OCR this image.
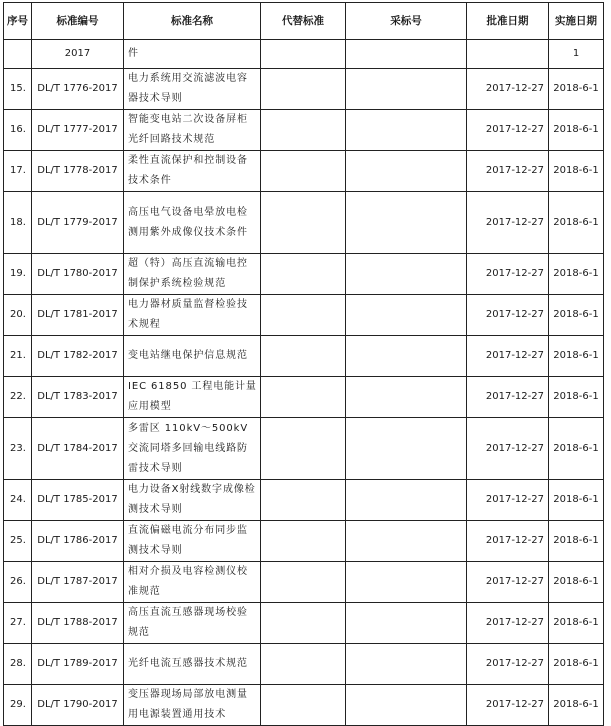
序号	标准编号	标准名称	代替标准	采标号	批准日期	实施日期
	2017	件				1
15.	DL/T 1776-2017	电力系统用交流滤波电容器技术导则			2017-12-27	2018-6-1
16.	DL/T 1777-2017	智能变电站二次设备屏柜光纤回路技术规范			2017-12-27	2018-6-1
17.	DL/T 1778-2017	柔性直流保护和控制设备技术条件			2017-12-27	2018-6-1
18.	DL/T 1779-2017	高压电气设备电晕放电检测用紫外成像仪技术条件			2017-12-27	2018-6-1
19.	DL/T 1780-2017	超（特）高压直流输电控制保护系统检验规范			2017-12-27	2018-6-1
20.	DL/T 1781-2017	电力器材质量监督检验技术规程			2017-12-27	2018-6-1
21.	DL/T 1782-2017	变电站继电保护信息规范			2017-12-27	2018-6-1
22.	DL/T 1783-2017	IEC 61850 工程电能计量应用模型			2017-12-27	2018-6-1
23.	DL/T 1784-2017	多雷区 110kV～500kV 交流同塔多回输电线路防雷技术导则			2017-12-27	2018-6-1
24.	DL/T 1785-2017	电力设备X射线数字成像检测技术导则			2017-12-27	2018-6-1
25.	DL/T 1786-2017	直流偏磁电流分布同步监测技术导则			2017-12-27	2018-6-1
26.	DL/T 1787-2017	相对介损及电容检测仪校准规范			2017-12-27	2018-6-1
27.	DL/T 1788-2017	高压直流互感器现场校验规范			2017-12-27	2018-6-1
28.	DL/T 1789-2017	光纤电流互感器技术规范			2017-12-27	2018-6-1
29.	DL/T 1790-2017	变压器现场局部放电测量用电源装置通用技术			2017-12-27	2018-6-1
